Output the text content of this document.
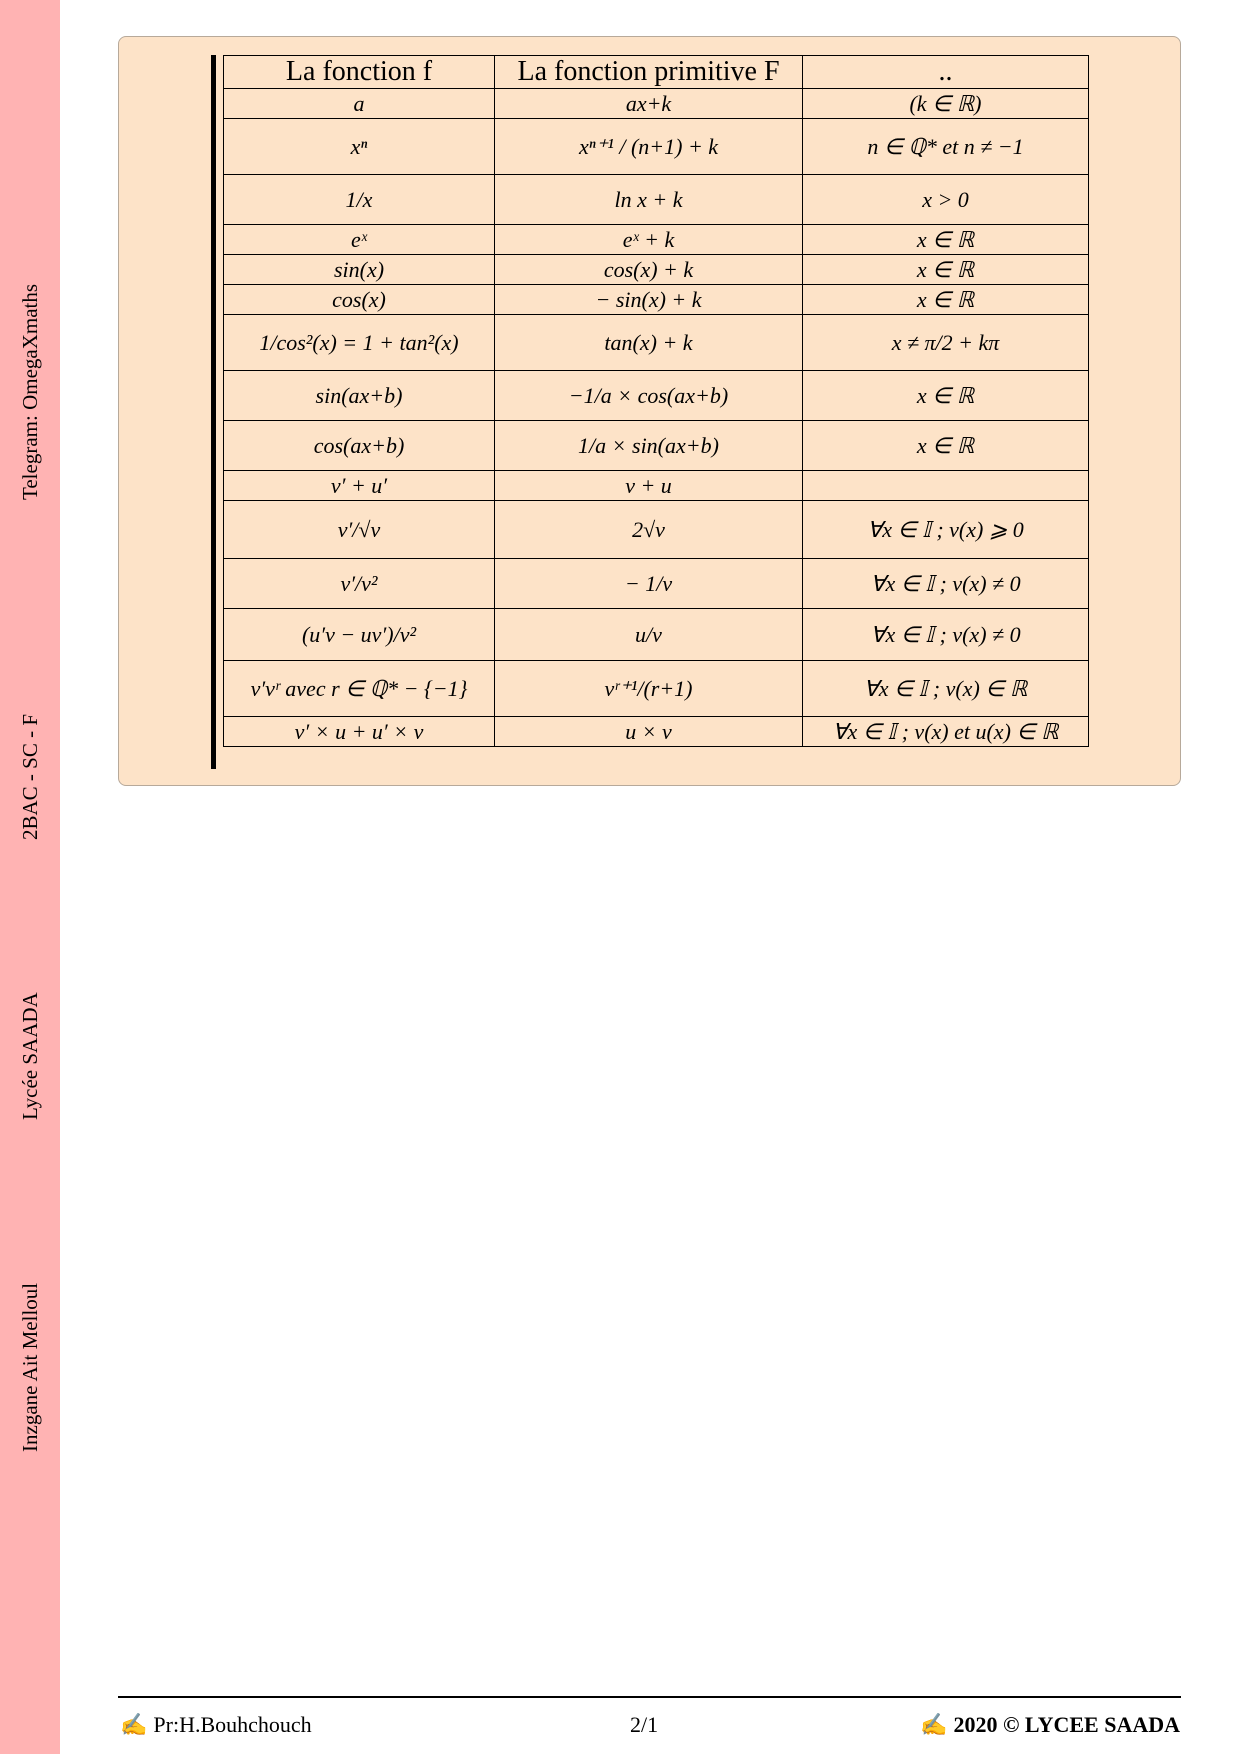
Telegram: OmegaXmaths
2BAC - SC - F
Lycée SAADA
Inzgane Ait Melloul
La fonction f	La fonction primitive F	..
a	ax+k	(k ∈ ℝ)
xⁿ	xⁿ⁺¹ / (n+1) + k	n ∈ ℚ* et n ≠ −1
1/x	ln x + k	x > 0
eˣ	eˣ + k	x ∈ ℝ
sin(x)	cos(x) + k	x ∈ ℝ
cos(x)	− sin(x) + k	x ∈ ℝ
1/cos²(x) = 1 + tan²(x)	tan(x) + k	x ≠ π/2 + kπ
sin(ax+b)	−1/a × cos(ax+b)	x ∈ ℝ
cos(ax+b)	1/a × sin(ax+b)	x ∈ ℝ
v′ + u′	v + u	
v′/√v	2√v	∀x ∈ 𝕀 ; v(x) ⩾ 0
v′/v²	− 1/v	∀x ∈ 𝕀 ; v(x) ≠ 0
(u′v − uv′)/v²	u/v	∀x ∈ 𝕀 ; v(x) ≠ 0
v′vʳ avec r ∈ ℚ* − {−1}	vʳ⁺¹/(r+1)	∀x ∈ 𝕀 ; v(x) ∈ ℝ
v′ × u + u′ × v	u × v	∀x ∈ 𝕀 ; v(x) et u(x) ∈ ℝ
✍ Pr:H.Bouhchouch	2/1	✍ 2020 © LYCEE SAADA
